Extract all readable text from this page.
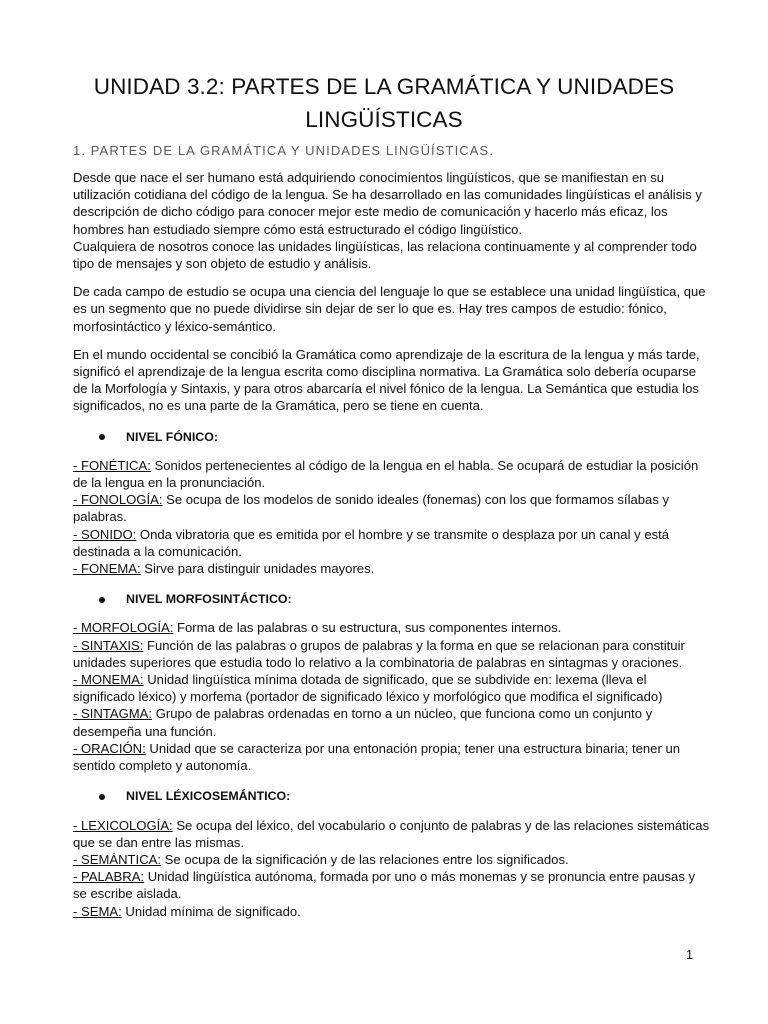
UNIDAD 3.2: PARTES DE LA GRAMÁTICA Y UNIDADES
LINGÜÍSTICAS
1. PARTES DE LA GRAMÁTICA Y UNIDADES LINGÜÍSTICAS.
Desde que nace el ser humano está adquiriendo conocimientos lingüísticos, que se manifiestan en su
utilización cotidiana del código de la lengua. Se ha desarrollado en las comunidades lingüísticas el análisis y
descripción de dicho código para conocer mejor este medio de comunicación y hacerlo más eficaz, los
hombres han estudiado siempre cómo está estructurado el código lingüístico.
Cualquiera de nosotros conoce las unidades lingüísticas, las relaciona continuamente y al comprender todo
tipo de mensajes y son objeto de estudio y análisis.
De cada campo de estudio se ocupa una ciencia del lenguaje lo que se establece una unidad lingüística, que
es un segmento que no puede dividirse sin dejar de ser lo que es. Hay tres campos de estudio: fónico,
morfosintáctico y léxico-semántico.
En el mundo occidental se concibió la Gramática como aprendizaje de la escritura de la lengua y más tarde,
significó el aprendizaje de la lengua escrita como disciplina normativa. La Gramática solo debería ocuparse
de la Morfología y Sintaxis, y para otros abarcaría el nivel fónico de la lengua. La Semántica que estudia los
significados, no es una parte de la Gramática, pero se tiene en cuenta.
NIVEL FÓNICO:
- FONÉTICA: Sonidos pertenecientes al código de la lengua en el habla. Se ocupará de estudiar la posición
de la lengua en la pronunciación.
- FONOLOGÍA: Se ocupa de los modelos de sonido ideales (fonemas) con los que formamos sílabas y
palabras.
- SONIDO: Onda vibratoria que es emitida por el hombre y se transmite o desplaza por un canal y está
destinada a la comunicación.
- FONEMA: Sirve para distinguir unidades mayores.
NIVEL MORFOSINTÁCTICO:
- MORFOLOGÍA: Forma de las palabras o su estructura, sus componentes internos.
- SINTAXIS: Función de las palabras o grupos de palabras y la forma en que se relacionan para constituir
unidades superiores que estudia todo lo relativo a la combinatoria de palabras en sintagmas y oraciones.
- MONEMA: Unidad lingüística mínima dotada de significado, que se subdivide en: lexema (lleva el
significado léxico) y morfema (portador de significado léxico y morfológico que modifica el significado)
- SINTAGMA: Grupo de palabras ordenadas en torno a un núcleo, que funciona como un conjunto y
desempeña una función.
- ORACIÓN: Unidad que se caracteriza por una entonación propia; tener una estructura binaria; tener un
sentido completo y autonomía.
NIVEL LÉXICOSEMÁNTICO:
- LEXICOLOGÍA: Se ocupa del léxico, del vocabulario o conjunto de palabras y de las relaciones sistemáticas
que se dan entre las mismas.
- SEMÁNTICA: Se ocupa de la significación y de las relaciones entre los significados.
- PALABRA: Unidad lingüística autónoma, formada por uno o más monemas y se pronuncia entre pausas y
se escribe aislada.
- SEMA: Unidad mínima de significado.
1
